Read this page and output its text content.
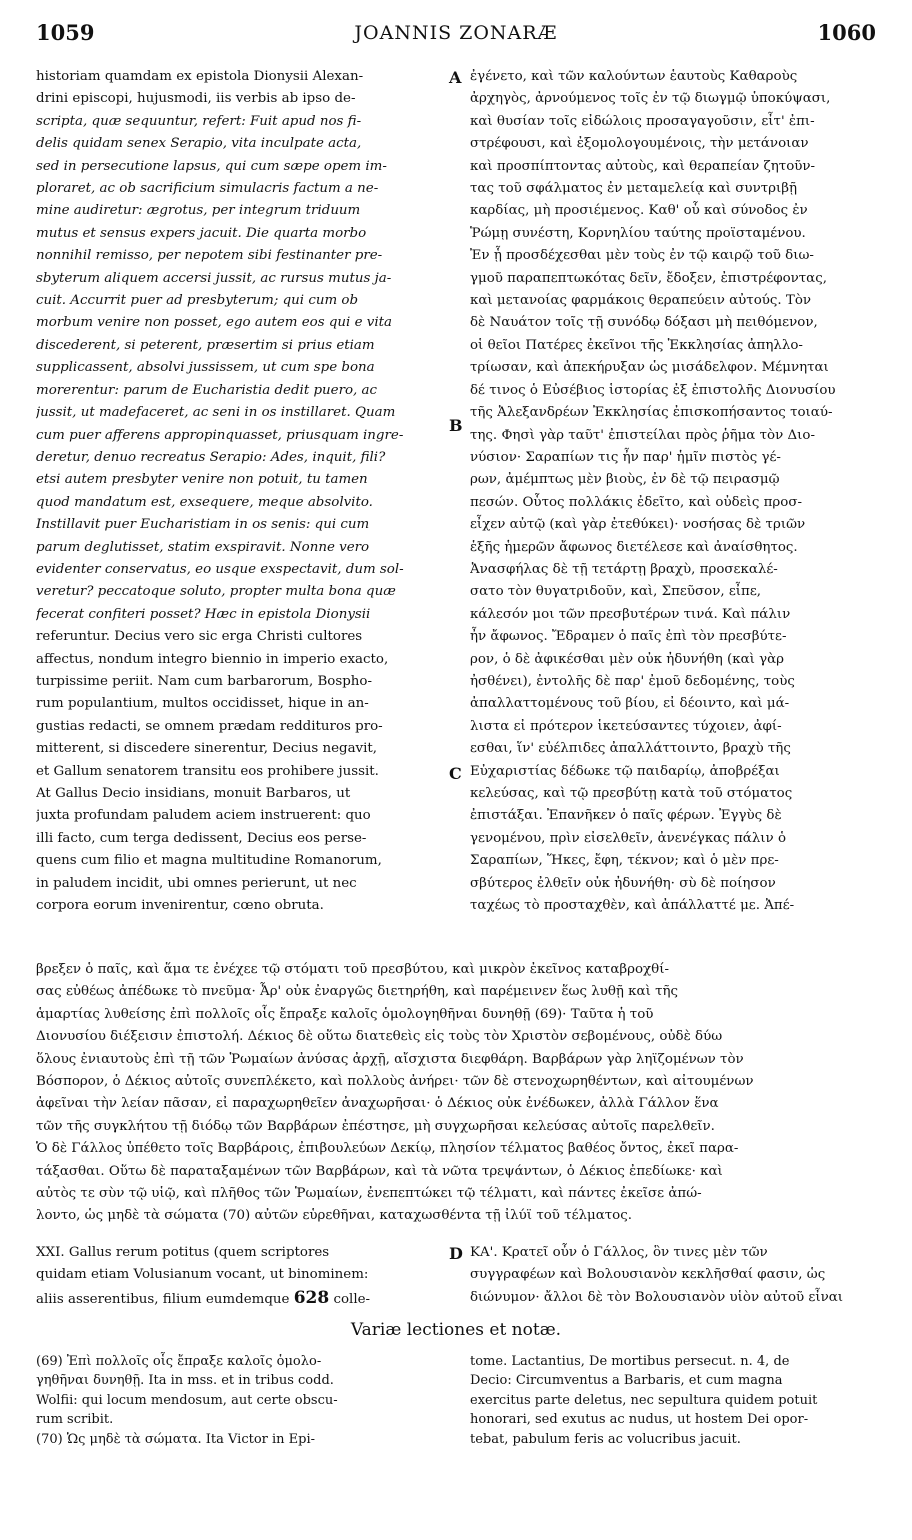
1059	JOANNIS ZONARÆ	1060
A
B
C
D
historiam quamdam ex epistola Dionysii Alexan-
drini episcopi, hujusmodi, iis verbis ab ipso de-
scripta, quæ sequuntur, refert: Fuit apud nos fi-
delis quidam senex Serapio, vita inculpate acta,
sed in persecutione lapsus, qui cum sæpe opem im-
ploraret, ac ob sacrificium simulacris factum a ne-
mine audiretur: ægrotus, per integrum triduum
mutus et sensus expers jacuit. Die quarta morbo
nonnihil remisso, per nepotem sibi festinanter pre-
sbyterum aliquem accersi jussit, ac rursus mutus ja-
cuit. Accurrit puer ad presbyterum; qui cum ob
morbum venire non posset, ego autem eos qui e vita
discederent, si peterent, præsertim si prius etiam
supplicassent, absolvi jussissem, ut cum spe bona
morerentur: parum de Eucharistia dedit puero, ac
jussit, ut madefaceret, ac seni in os instillaret. Quam
cum puer afferens appropinquasset, priusquam ingre-
deretur, denuo recreatus Serapio: Ades, inquit, fili?
etsi autem presbyter venire non potuit, tu tamen
quod mandatum est, exsequere, meque absolvito.
Instillavit puer Eucharistiam in os senis: qui cum
parum deglutisset, statim exspiravit. Nonne vero
evidenter conservatus, eo usque exspectavit, dum sol-
veretur? peccatoque soluto, propter multa bona quæ
fecerat confiteri posset? Hæc in epistola Dionysii
referuntur. Decius vero sic erga Christi cultores
affectus, nondum integro biennio in imperio exacto,
turpissime periit. Nam cum barbarorum, Bospho-
rum populantium, multos occidisset, hique in an-
gustias redacti, se omnem prædam reddituros pro-
mitterent, si discedere sinerentur, Decius negavit,
et Gallum senatorem transitu eos prohibere jussit.
At Gallus Decio insidians, monuit Barbaros, ut
juxta profundam paludem aciem instruerent: quo
illi facto, cum terga dedissent, Decius eos perse-
quens cum filio et magna multitudine Romanorum,
in paludem incidit, ubi omnes perierunt, ut nec
corpora eorum invenirentur, cœno obruta.
ἐγένετο, καὶ τῶν καλούντων ἑαυτοὺς Καθαροὺς
ἀρχηγὸς, ἀρνούμενος τοῖς ἐν τῷ διωγμῷ ὑποκύψασι,
καὶ θυσίαν τοῖς εἰδώλοις προσαγαγοῦσιν, εἶτ' ἐπι-
στρέφουσι, καὶ ἐξομολογουμένοις, τὴν μετάνοιαν
καὶ προσπίπτοντας αὐτοὺς, καὶ θεραπείαν ζητοῦν-
τας τοῦ σφάλματος ἐν μεταμελείᾳ καὶ συντριβῇ
καρδίας, μὴ προσιέμενος. Καθ' οὗ καὶ σύνοδος ἐν
Ῥώμῃ συνέστη, Κορνηλίου ταύτης προϊσταμένου.
Ἐν ᾗ προσδέχεσθαι μὲν τοὺς ἐν τῷ καιρῷ τοῦ διω-
γμοῦ παραπεπτωκότας δεῖν, ἔδοξεν, ἐπιστρέφοντας,
καὶ μετανοίας φαρμάκοις θεραπεύειν αὐτούς. Τὸν
δὲ Ναυάτον τοῖς τῇ συνόδῳ δόξασι μὴ πειθόμενον,
οἱ θεῖοι Πατέρες ἐκεῖνοι τῆς Ἐκκλησίας ἀπηλλο-
τρίωσαν, καὶ ἀπεκήρυξαν ὡς μισάδελφον. Μέμνηται
δέ τινος ὁ Εὐσέβιος ἱστορίας ἐξ ἐπιστολῆς Διονυσίου
τῆς Ἀλεξανδρέων Ἐκκλησίας ἐπισκοπήσαντος τοιαύ-
της. Φησὶ γὰρ ταῦτ' ἐπιστείλαι πρὸς ῥῆμα τὸν Διο-
νύσιον· Σαραπίων τις ἦν παρ' ἡμῖν πιστὸς γέ-
ρων, ἀμέμπτως μὲν βιοὺς, ἐν δὲ τῷ πειρασμῷ
πεσών. Οὗτος πολλάκις ἐδεῖτο, καὶ οὐδεὶς προσ-
εἶχεν αὐτῷ (καὶ γὰρ ἐτεθύκει)· νοσήσας δὲ τριῶν
ἑξῆς ἡμερῶν ἄφωνος διετέλεσε καὶ ἀναίσθητος.
Ἀνασφήλας δὲ τῇ τετάρτῃ βραχὺ, προσεκαλέ-
σατο τὸν θυγατριδοῦν, καὶ, Σπεῦσον, εἶπε,
κάλεσόν μοι τῶν πρεσβυτέρων τινά. Καὶ πάλιν
ἦν ἄφωνος. Ἔδραμεν ὁ παῖς ἐπὶ τὸν πρεσβύτε-
ρον, ὁ δὲ ἀφικέσθαι μὲν οὐκ ἠδυνήθη (καὶ γὰρ
ἠσθένει), ἐντολῆς δὲ παρ' ἐμοῦ δεδομένης, τοὺς
ἀπαλλαττομένους τοῦ βίου, εἰ δέοιντο, καὶ μά-
λιστα εἰ πρότερον ἱκετεύσαντες τύχοιεν, ἀφί-
εσθαι, ἵν' εὐέλπιδες ἀπαλλάττοιντο, βραχὺ τῆς
Εὐχαριστίας δέδωκε τῷ παιδαρίῳ, ἀποβρέξαι
κελεύσας, καὶ τῷ πρεσβύτῃ κατὰ τοῦ στόματος
ἐπιστάξαι. Ἐπανῆκεν ὁ παῖς φέρων. Ἐγγὺς δὲ
γενομένου, πρὶν εἰσελθεῖν, ἀνενέγκας πάλιν ὁ
Σαραπίων, Ἥκες, ἔφη, τέκνον; καὶ ὁ μὲν πρε-
σβύτερος ἐλθεῖν οὐκ ἠδυνήθη· σὺ δὲ ποίησον
ταχέως τὸ προσταχθὲν, καὶ ἀπάλλαττέ με. Ἀπέ-
βρεξεν ὁ παῖς, καὶ ἅμα τε ἐνέχεε τῷ στόματι τοῦ πρεσβύτου, καὶ μικρὸν ἐκεῖνος καταβροχθί-
σας εὐθέως ἀπέδωκε τὸ πνεῦμα· Ἆρ' οὐκ ἐναργῶς διετηρήθη, καὶ παρέμεινεν ἕως λυθῇ καὶ τῆς
ἁμαρτίας λυθείσης ἐπὶ πολλοῖς οἷς ἔπραξε καλοῖς ὁμολογηθῆναι δυνηθῇ (69)· Ταῦτα ἡ τοῦ
Διονυσίου διέξεισιν ἐπιστολή. Δέκιος δὲ οὕτω διατεθεὶς εἰς τοὺς τὸν Χριστὸν σεβομένους, οὐδὲ δύω
ὅλους ἐνιαυτοὺς ἐπὶ τῇ τῶν Ῥωμαίων ἀνύσας ἀρχῇ, αἴσχιστα διεφθάρη. Βαρβάρων γὰρ ληϊζομένων τὸν
Βόσπορον, ὁ Δέκιος αὐτοῖς συνεπλέκετο, καὶ πολλοὺς ἀνήρει· τῶν δὲ στενοχωρηθέντων, καὶ αἰτουμένων
ἀφεῖναι τὴν λείαν πᾶσαν, εἰ παραχωρηθεῖεν ἀναχωρῆσαι· ὁ Δέκιος οὐκ ἐνέδωκεν, ἀλλὰ Γάλλον ἕνα
τῶν τῆς συγκλήτου τῇ διόδῳ τῶν Βαρβάρων ἐπέστησε, μὴ συγχωρῆσαι κελεύσας αὐτοῖς παρελθεῖν.
Ὁ δὲ Γάλλος ὑπέθετο τοῖς Βαρβάροις, ἐπιβουλεύων Δεκίῳ, πλησίον τέλματος βαθέος ὄντος, ἐκεῖ παρα-
τάξασθαι. Οὕτω δὲ παραταξαμένων τῶν Βαρβάρων, καὶ τὰ νῶτα τρεψάντων, ὁ Δέκιος ἐπεδίωκε· καὶ
αὐτὸς τε σὺν τῷ υἱῷ, καὶ πλῆθος τῶν Ῥωμαίων, ἐνεπεπτώκει τῷ τέλματι, καὶ πάντες ἐκεῖσε ἀπώ-
λοντο, ὡς μηδὲ τὰ σώματα (70) αὐτῶν εὑρεθῆναι, καταχωσθέντα τῇ ἰλύϊ τοῦ τέλματος.
XXI. Gallus rerum potitus (quem scriptores
quidam etiam Volusianum vocant, ut binominem:
aliis asserentibus, filium eumdemque 628 colle-
ΚΑ'. Κρατεῖ οὖν ὁ Γάλλος, ὃν τινες μὲν τῶν
συγγραφέων καὶ Βολουσιανὸν κεκλῆσθαί φασιν, ὡς
διώνυμον· ἄλλοι δὲ τὸν Βολουσιανὸν υἱὸν αὐτοῦ εἶναι
Variæ lectiones et notæ.
(69) Ἐπὶ πολλοῖς οἷς ἔπραξε καλοῖς ὁμολο-
γηθῆναι δυνηθῇ. Ita in mss. et in tribus codd.
Wolfii: qui locum mendosum, aut certe obscu-
rum scribit.
(70) Ὡς μηδὲ τὰ σώματα. Ita Victor in Epi-
tome. Lactantius, De mortibus persecut. n. 4, de
Decio: Circumventus a Barbaris, et cum magna
exercitus parte deletus, nec sepultura quidem potuit
honorari, sed exutus ac nudus, ut hostem Dei opor-
tebat, pabulum feris ac volucribus jacuit.
